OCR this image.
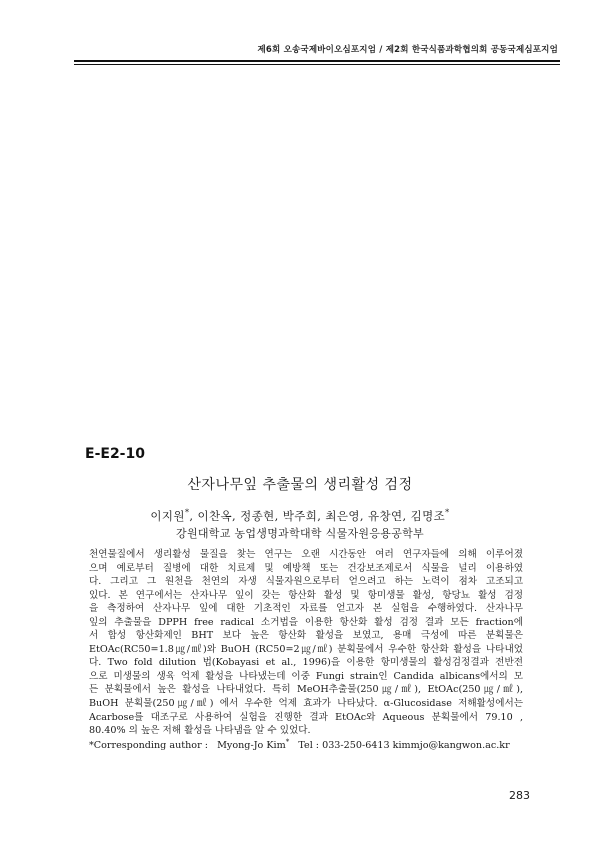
제6회 오송국제바이오심포지엄 / 제2회 한국식품과학협의회 공동국제심포지엄
E-E2-10
산자나무잎 추출물의 생리활성 검정
이지원*, 이찬옥, 정종현, 박주희, 최은영, 유창연, 김명조*
강원대학교 농업생명과학대학 식물자원응용공학부
천연물질에서 생리활성 물질을 찾는 연구는 오랜 시간동안 여러 연구자들에 의해 이루어졌
으며 예로부터 질병에 대한 치료제 및 예방책 또는 건강보조제로서 식물을 널리 이용하였
다. 그리고 그 원천을 천연의 자생 식물자원으로부터 얻으려고 하는 노력이 점차 고조되고
있다. 본 연구에서는 산자나무 잎이 갖는 항산화 활성 및 항미생물 활성, 항당뇨 활성 검정
을 측정하여 산자나무 잎에 대한 기초적인 자료를 얻고자 본 실험을 수행하였다. 산자나무
잎의 추출물을 DPPH free radical 소거법을 이용한 항산화 활성 검정 결과 모든 fraction에
서 합성 항산화제인 BHT 보다 높은 항산화 활성을 보였고, 용매 극성에 따른 분획물은
EtOAc(RC50=1.8㎍/㎖)와 BuOH (RC50=2㎍/㎖) 분획물에서 우수한 항산화 활성을 나타내었
다. Two fold dilution 법(Kobayasi et al., 1996)을 이용한 항미생물의 활성검정결과 전반전
으로 미생물의 생육 억제 활성을 나타냈는데 이중 Fungi strain인 Candida albicans에서의 모
든 분획물에서 높은 활성을 나타내었다. 특히 MeOH추출물(250㎍/㎖), EtOAc(250㎍/㎖),
BuOH 분획물(250㎍/㎖) 에서 우수한 억제 효과가 나타났다. α-Glucosidase 저해활성에서는
Acarbose를 대조구로 사용하여 실험을 진행한 결과 EtOAc와 Aqueous 분획물에서 79.10 ,
80.40% 의 높은 저해 활성을 나타냄을 알 수 있었다.
*Corresponding author : Myong-Jo Kim* Tel : 033-250-6413 kimmjo@kangwon.ac.kr
283
